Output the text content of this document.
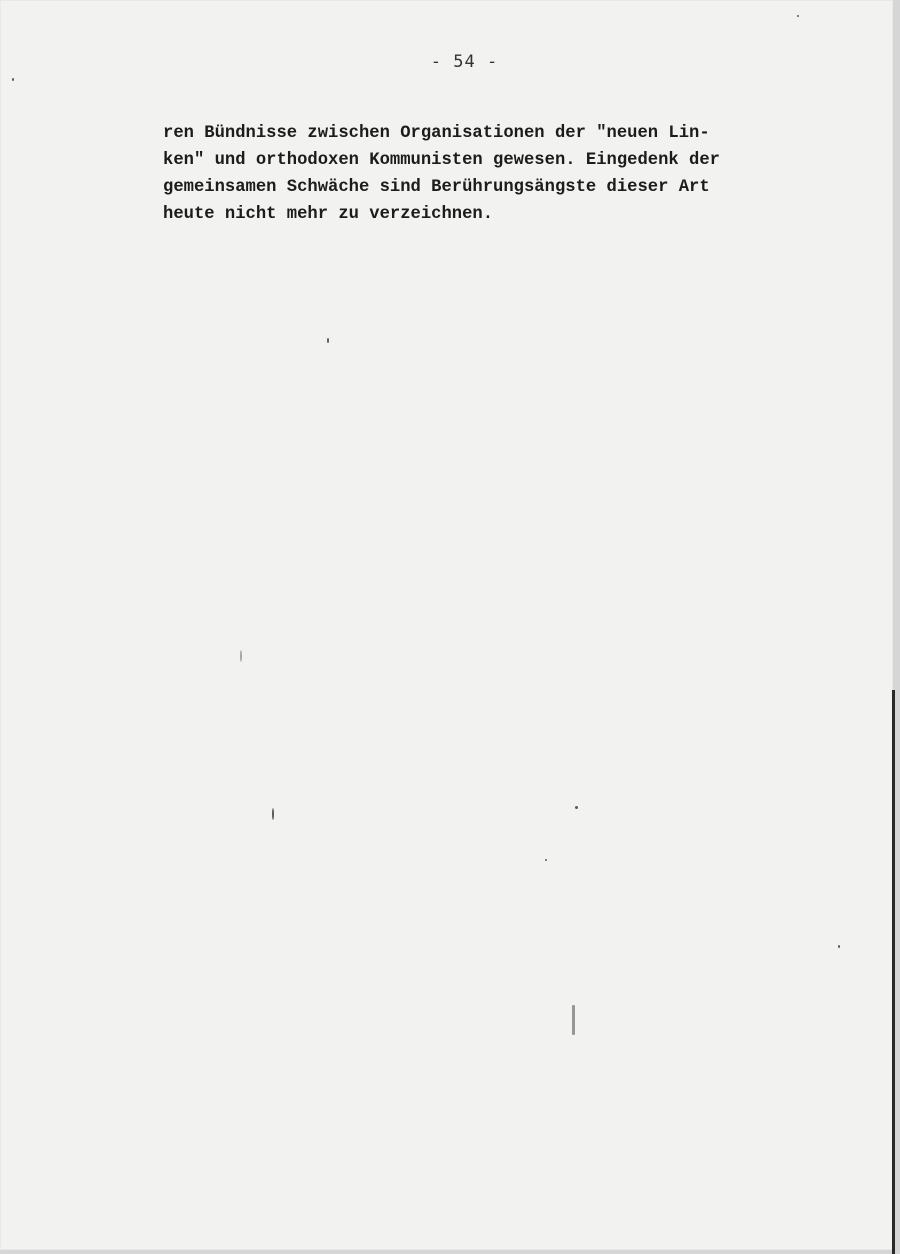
- 54 -
ren Bündnisse zwischen Organisationen der "neuen Lin-
ken" und orthodoxen Kommunisten gewesen. Eingedenk der
gemeinsamen Schwäche sind Berührungsängste dieser Art
heute nicht mehr zu verzeichnen.
